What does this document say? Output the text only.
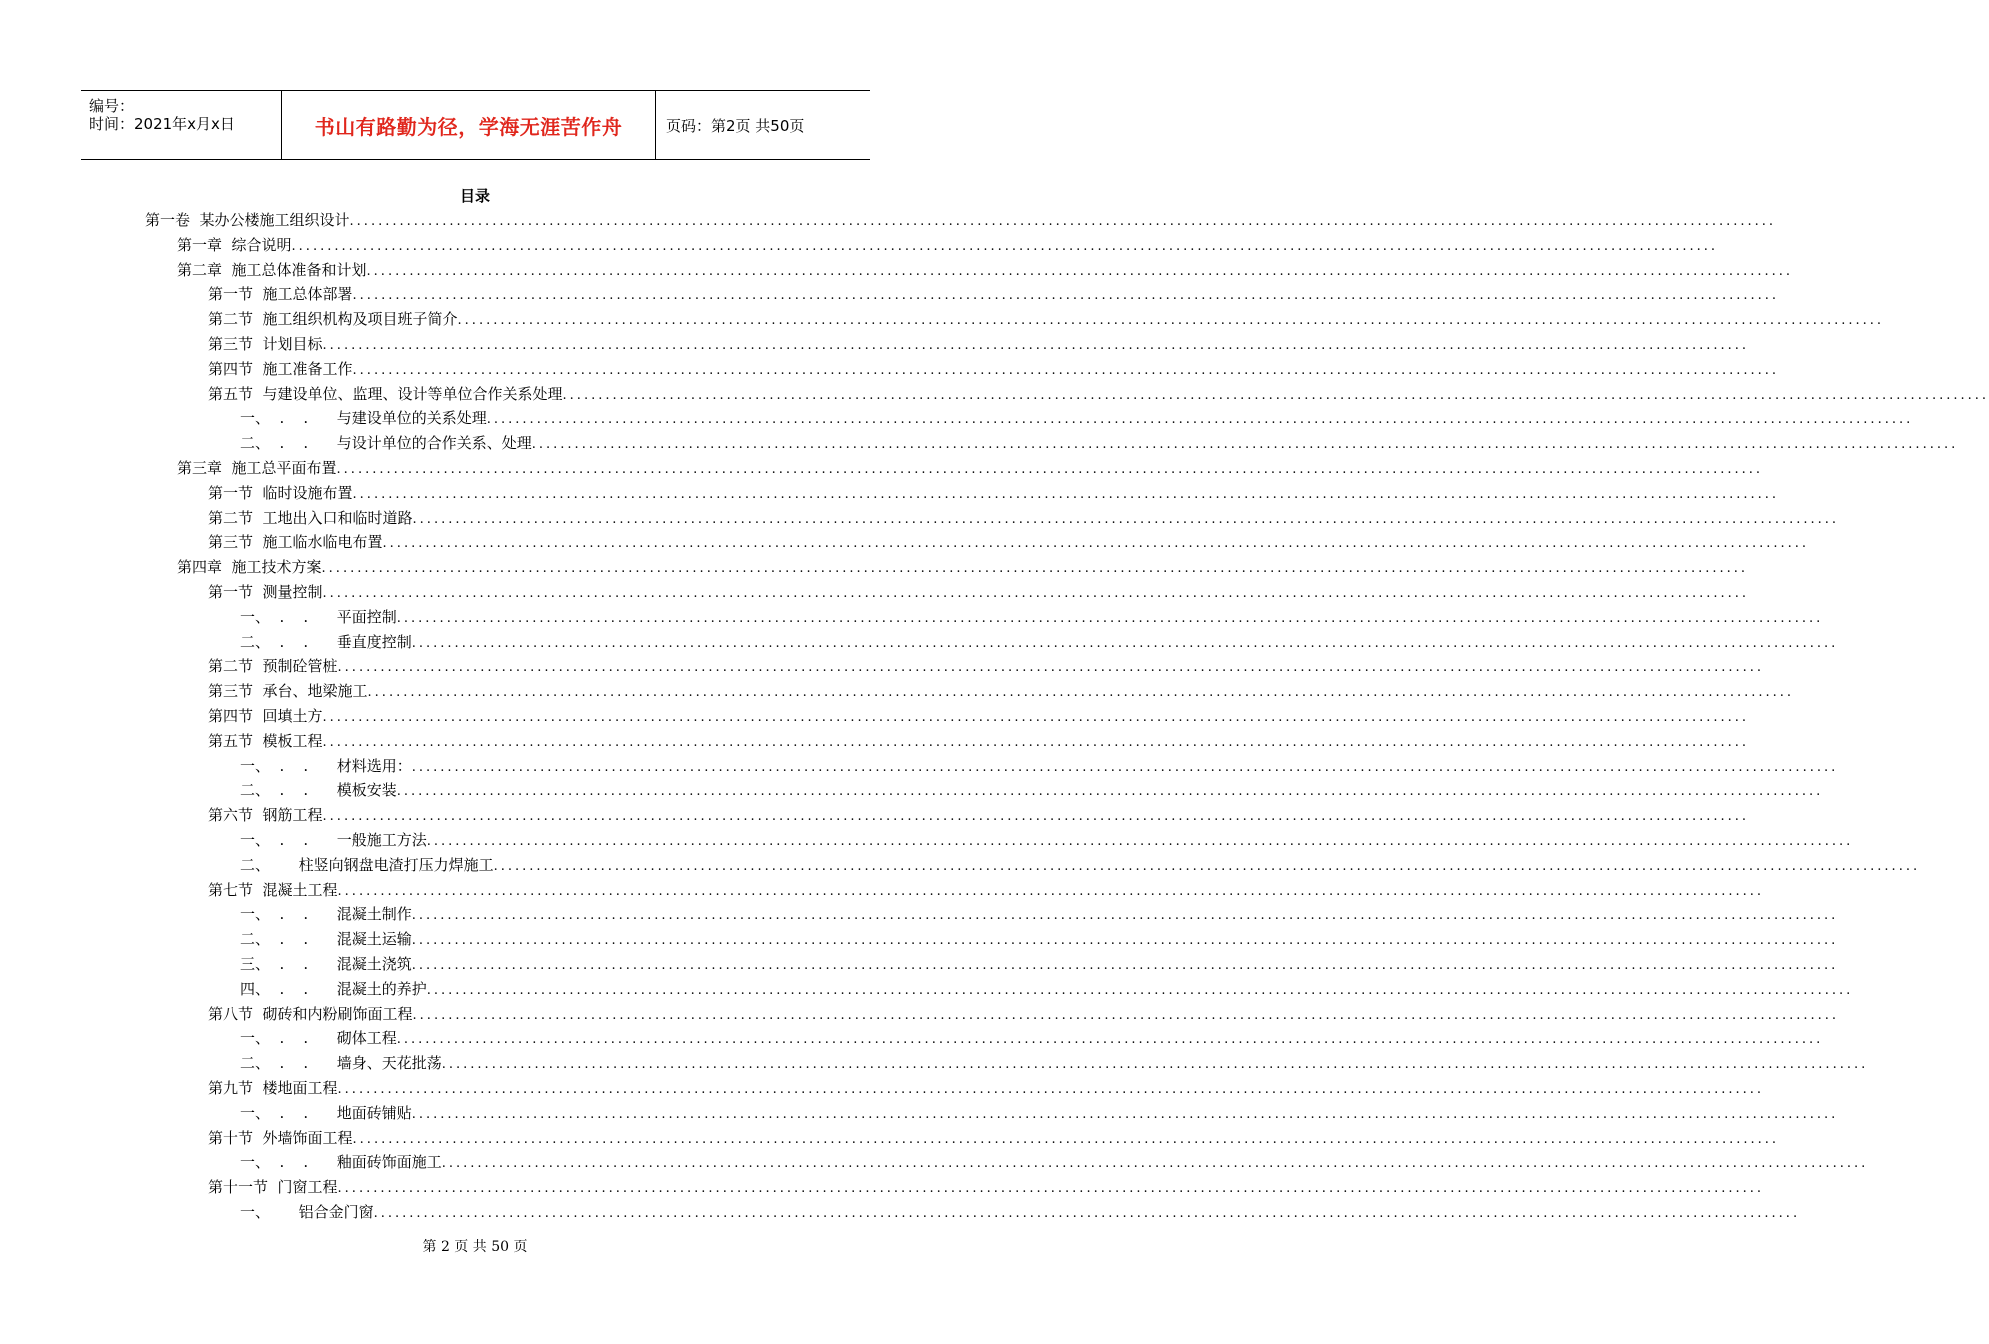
编号：
时间：2021年x月x日	书山有路勤为径，学海无涯苦作舟	页码：第2页 共50页
目录
第一卷  某办公楼施工组织设计 ........................................................................................................................................................................................................
第一章  综合说明 ........................................................................................................................................................................................................
第二章  施工总体准备和计划 ........................................................................................................................................................................................................
第一节  施工总体部署 ........................................................................................................................................................................................................
第二节  施工组织机构及项目班子简介 ........................................................................................................................................................................................................
第三节  计划目标 ........................................................................................................................................................................................................
第四节  施工准备工作 ........................................................................................................................................................................................................
第五节  与建设单位、监理、设计等单位合作关系处理 ........................................................................................................................................................................................................
一、  .    .      与建设单位的关系处理 ........................................................................................................................................................................................................
二、  .    .      与设计单位的合作关系、处理 ........................................................................................................................................................................................................
第三章  施工总平面布置 ........................................................................................................................................................................................................
第一节  临时设施布置 ........................................................................................................................................................................................................
第二节  工地出入口和临时道路 ........................................................................................................................................................................................................
第三节  施工临水临电布置 ........................................................................................................................................................................................................
第四章  施工技术方案 ........................................................................................................................................................................................................
第一节  测量控制 ........................................................................................................................................................................................................
一、  .    .      平面控制 ........................................................................................................................................................................................................
二、  .    .      垂直度控制 ........................................................................................................................................................................................................
第二节  预制砼管桩 ........................................................................................................................................................................................................
第三节  承台、地梁施工 ........................................................................................................................................................................................................
第四节  回填土方 ........................................................................................................................................................................................................
第五节  模板工程 ........................................................................................................................................................................................................
一、  .    .      材料选用： ........................................................................................................................................................................................................
二、  .    .      模板安装 ........................................................................................................................................................................................................
第六节  钢筋工程 ........................................................................................................................................................................................................
一、  .    .      一般施工方法 ........................................................................................................................................................................................................
二、      柱竖向钢盘电渣打压力焊施工 ........................................................................................................................................................................................................
第七节  混凝土工程 ........................................................................................................................................................................................................
一、  .    .      混凝土制作 ........................................................................................................................................................................................................
二、  .    .      混凝土运输 ........................................................................................................................................................................................................
三、  .    .      混凝土浇筑 ........................................................................................................................................................................................................
四、  .    .      混凝土的养护 ........................................................................................................................................................................................................
第八节  砌砖和内粉刷饰面工程 ........................................................................................................................................................................................................
一、  .    .      砌体工程 ........................................................................................................................................................................................................
二、  .    .      墙身、天花批荡 ........................................................................................................................................................................................................
第九节  楼地面工程 ........................................................................................................................................................................................................
一、  .    .      地面砖铺贴 ........................................................................................................................................................................................................
第十节  外墙饰面工程 ........................................................................................................................................................................................................
一、  .    .      釉面砖饰面施工 ........................................................................................................................................................................................................
第十一节  门窗工程 ........................................................................................................................................................................................................
一、      铝合金门窗 ........................................................................................................................................................................................................
第 2 页 共 50 页
